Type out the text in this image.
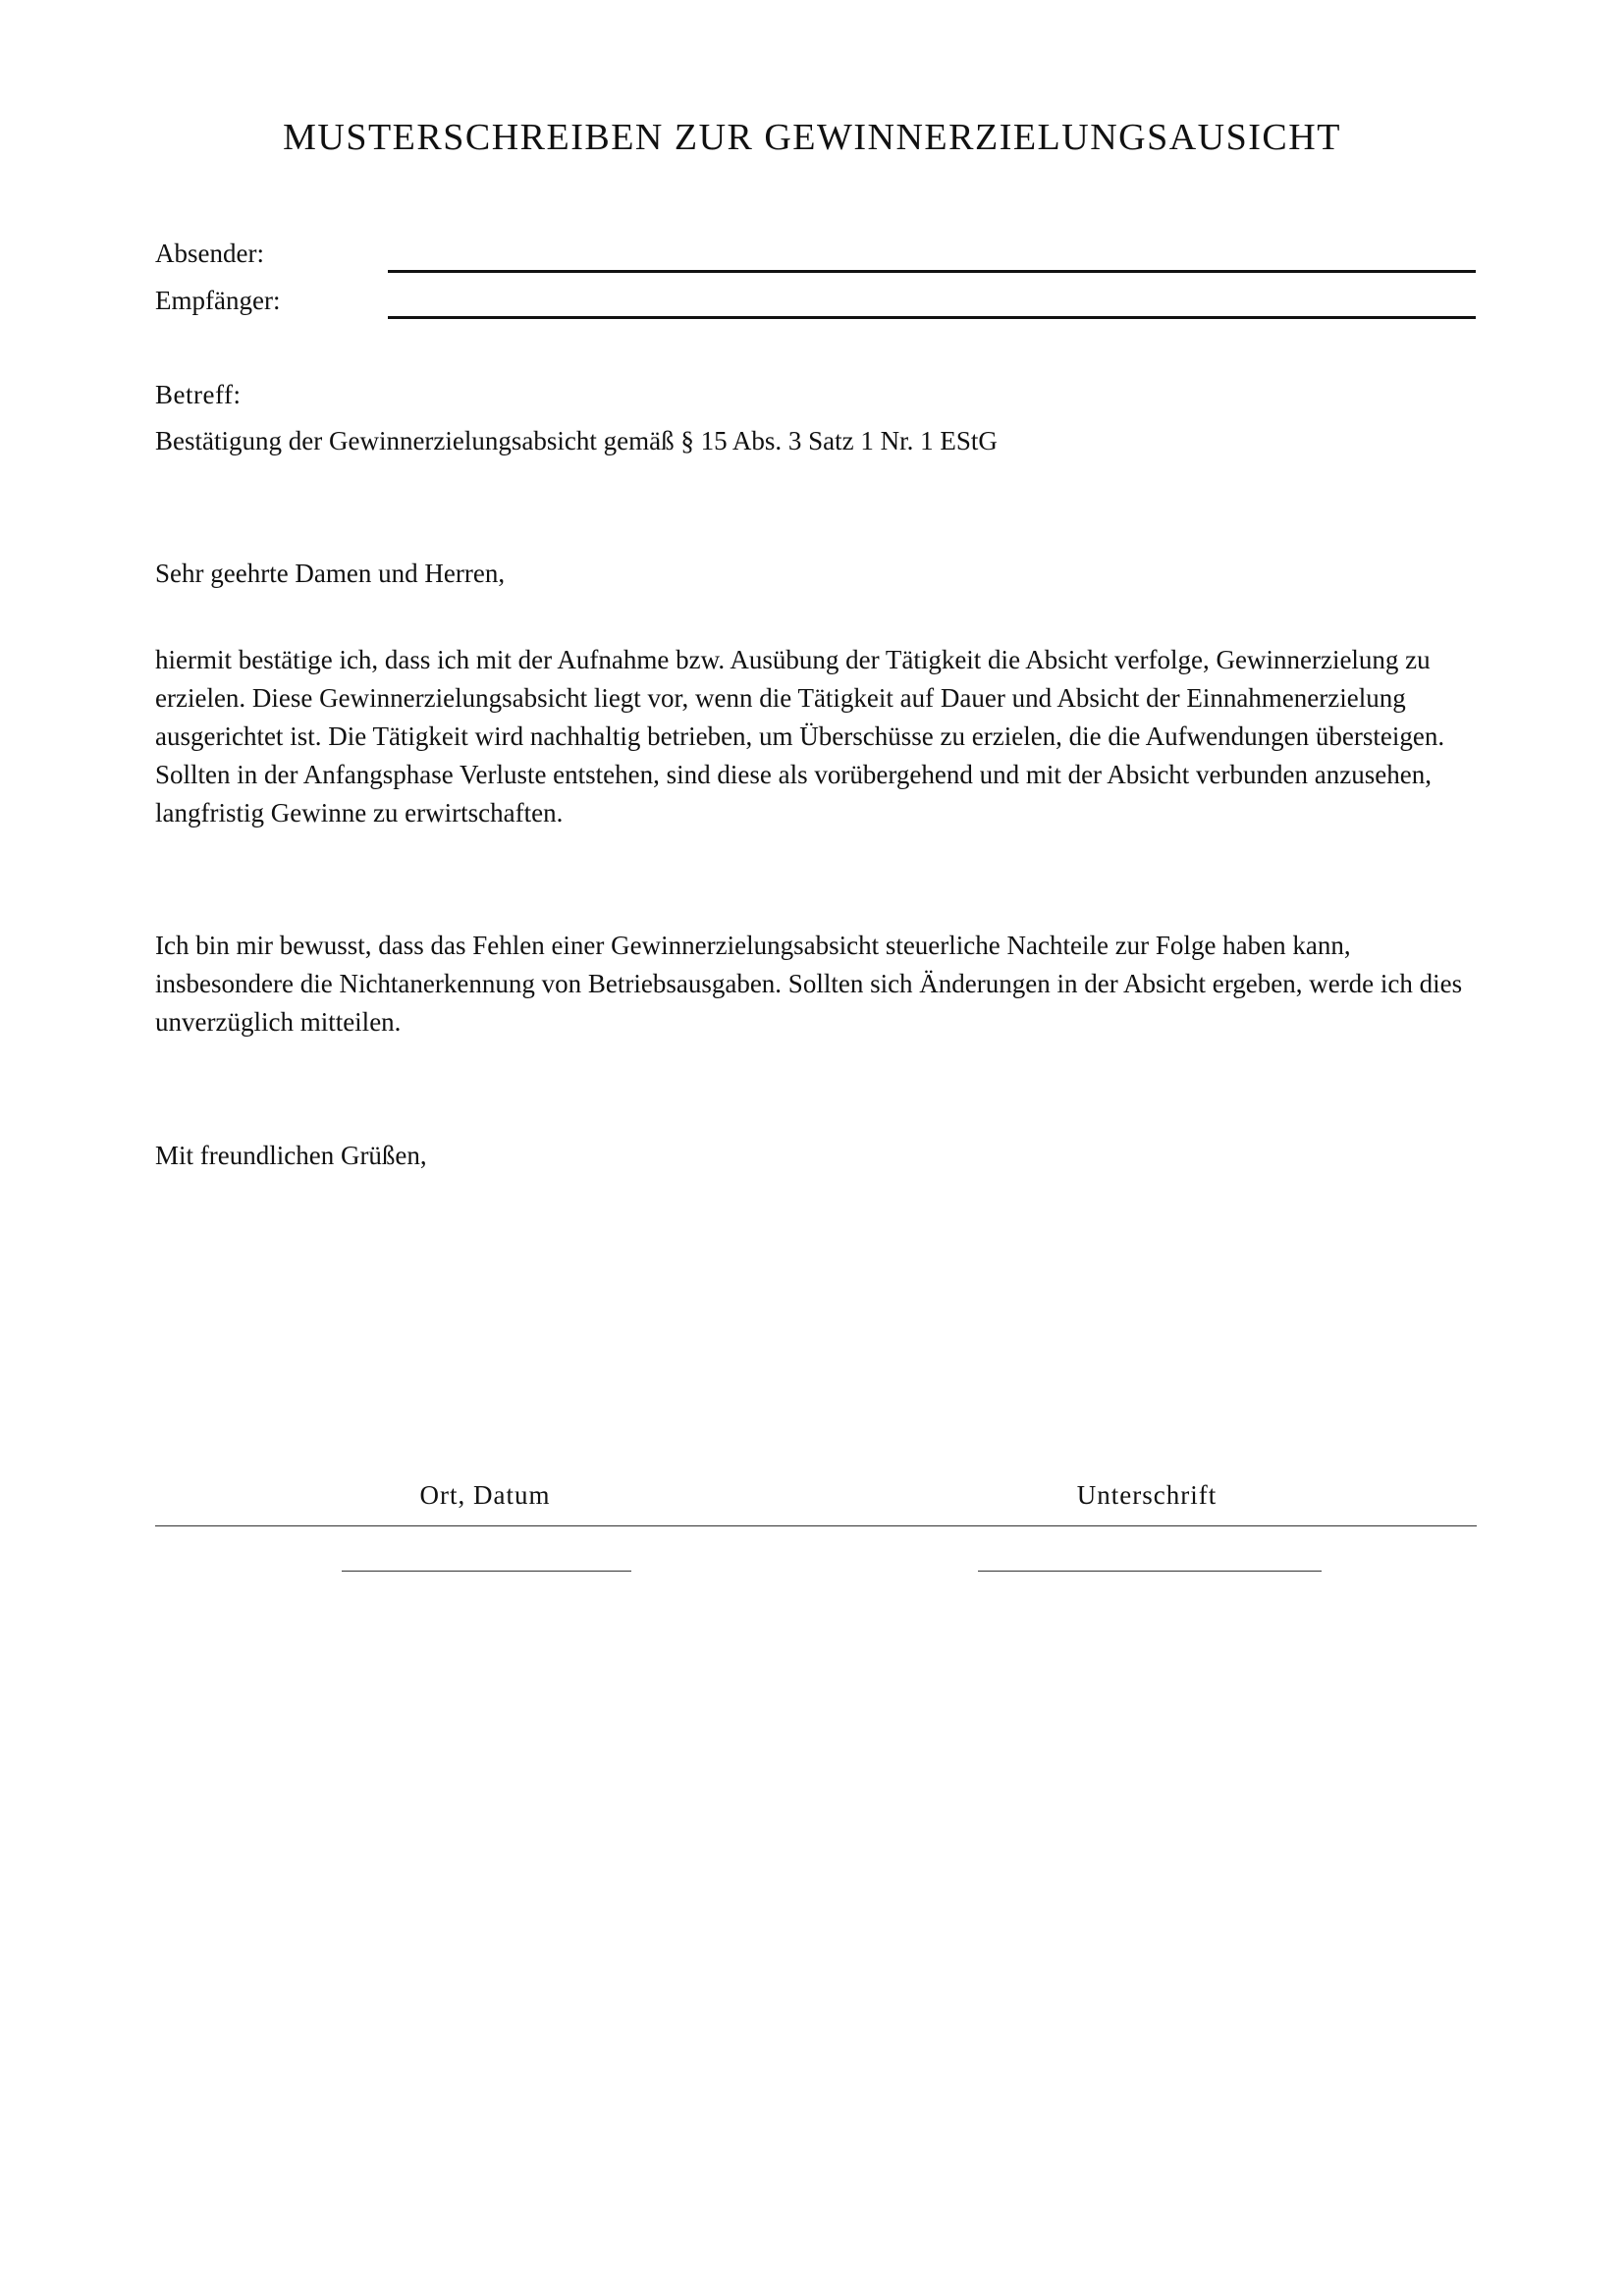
MUSTERSCHREIBEN ZUR GEWINNERZIELUNGSAUSICHT
Absender:
Empfänger:
Betreff:
Bestätigung der Gewinnerzielungsabsicht gemäß § 15 Abs. 3 Satz 1 Nr. 1 EStG
Sehr geehrte Damen und Herren,

hiermit bestätige ich, dass ich mit der Aufnahme bzw. Ausübung der Tätigkeit die Absicht verfolge, Gewinnerzielung zu erzielen. Diese Gewinnerzielungsabsicht liegt vor, wenn die Tätigkeit auf Dauer und Absicht der Einnahmenerzielung ausgerichtet ist. Die Tätigkeit wird nachhaltig betrieben, um Überschüsse zu erzielen, die die Aufwendungen übersteigen. Sollten in der Anfangsphase Verluste entstehen, sind diese als vorübergehend und mit der Absicht verbunden anzusehen, langfristig Gewinne zu erwirtschaften.

Ich bin mir bewusst, dass das Fehlen einer Gewinnerzielungsabsicht steuerliche Nachteile zur Folge haben kann, insbesondere die Nichtanerkennung von Betriebsausgaben. Sollten sich Änderungen in der Absicht ergeben, werde ich dies unverzüglich mitteilen.

Mit freundlichen Grüßen,
Ort, Datum	Unterschrift
